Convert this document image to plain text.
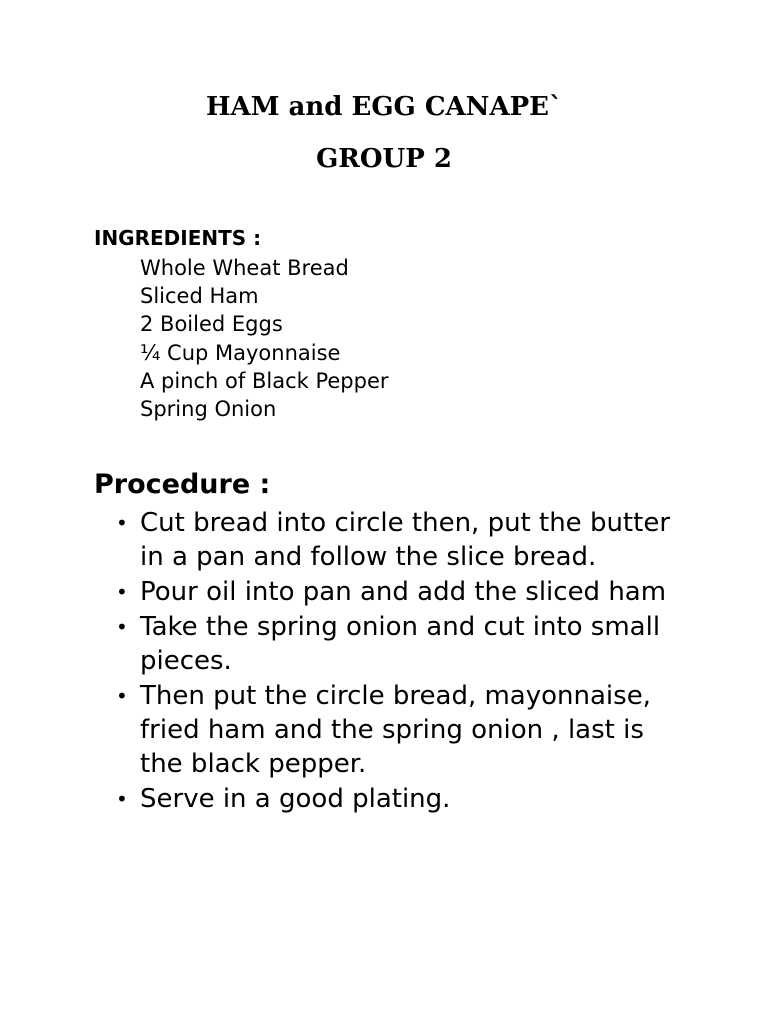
HAM and EGG CANAPE`
GROUP 2
INGREDIENTS :
Whole Wheat Bread
Sliced Ham
2 Boiled Eggs
¼ Cup Mayonnaise
A pinch of Black Pepper
Spring Onion
Procedure :
• Cut bread into circle then, put the butter in a pan and follow the slice bread.
• Pour oil into pan and add the sliced ham
• Take the spring onion and cut into small pieces.
• Then put the circle bread, mayonnaise, fried ham and the spring onion , last is the black pepper.
• Serve in a good plating.
